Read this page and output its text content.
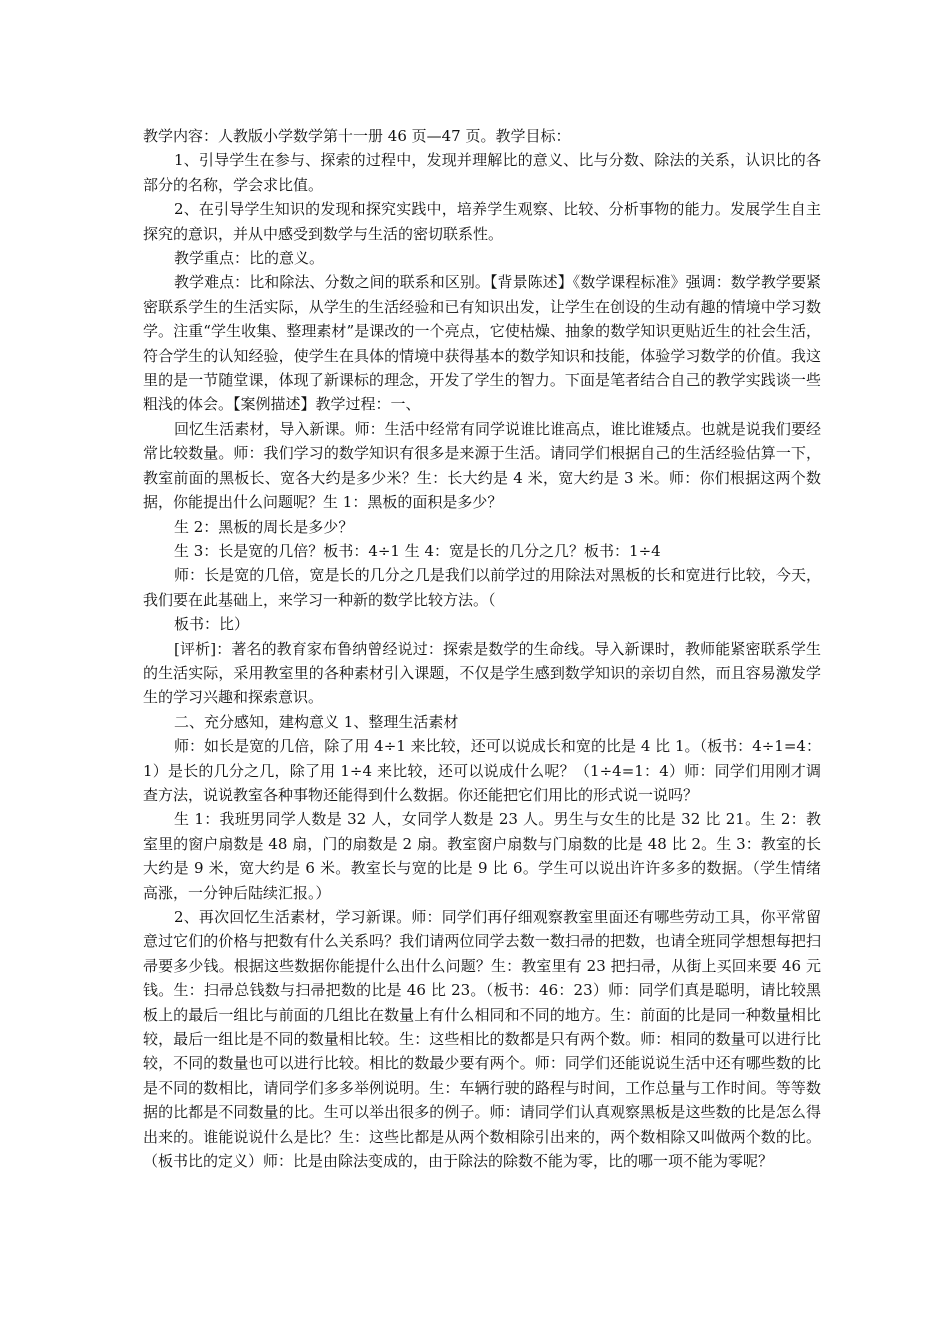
教学内容：人教版小学数学第十一册 46 页—47 页。教学目标：

1、引导学生在参与、探索的过程中，发现并理解比的意义、比与分数、除法的关系，认识比的各部分的名称，学会求比值。

2、在引导学生知识的发现和探究实践中，培养学生观察、比较、分析事物的能力。发展学生自主探究的意识，并从中感受到数学与生活的密切联系性。

教学重点：比的意义。

教学难点：比和除法、分数之间的联系和区别。【背景陈述】《数学课程标准》强调：数学教学要紧密联系学生的生活实际，从学生的生活经验和已有知识出发，让学生在创设的生动有趣的情境中学习数学。注重“学生收集、整理素材”是课改的一个亮点，它使枯燥、抽象的数学知识更贴近生的社会生活，符合学生的认知经验，使学生在具体的情境中获得基本的数学知识和技能，体验学习数学的价值。我这里的是一节随堂课，体现了新课标的理念，开发了学生的智力。下面是笔者结合自己的教学实践谈一些粗浅的体会。【案例描述】教学过程：一、

回忆生活素材，导入新课。师：生活中经常有同学说谁比谁高点，谁比谁矮点。也就是说我们要经常比较数量。师：我们学习的数学知识有很多是来源于生活。请同学们根据自己的生活经验估算一下，教室前面的黑板长、宽各大约是多少米？生：长大约是 4 米，宽大约是 3 米。师：你们根据这两个数据，你能提出什么问题呢？生 1：黑板的面积是多少？

生 2：黑板的周长是多少？

生 3：长是宽的几倍？板书：4÷1 生 4：宽是长的几分之几？板书：1÷4

师：长是宽的几倍，宽是长的几分之几是我们以前学过的用除法对黑板的长和宽进行比较，今天，我们要在此基础上，来学习一种新的数学比较方法。（

板书：比）

[评析]：著名的教育家布鲁纳曾经说过：探索是数学的生命线。导入新课时，教师能紧密联系学生的生活实际，采用教室里的各种素材引入课题，不仅是学生感到数学知识的亲切自然，而且容易激发学生的学习兴趣和探索意识。

二、充分感知，建构意义 1、整理生活素材

师：如长是宽的几倍，除了用 4÷1 来比较，还可以说成长和宽的比是 4 比 1。（板书：4÷1=4：1）是长的几分之几，除了用 1÷4 来比较，还可以说成什么呢？（1÷4=1：4）师：同学们用刚才调查方法，说说教室各种事物还能得到什么数据。你还能把它们用比的形式说一说吗？

生 1：我班男同学人数是 32 人，女同学人数是 23 人。男生与女生的比是 32 比 21。生 2：教室里的窗户扇数是 48 扇，门的扇数是 2 扇。教室窗户扇数与门扇数的比是 48 比 2。生 3：教室的长大约是 9 米，宽大约是 6 米。教室长与宽的比是 9 比 6。学生可以说出许许多多的数据。（学生情绪高涨，一分钟后陆续汇报。）

2、再次回忆生活素材，学习新课。师：同学们再仔细观察教室里面还有哪些劳动工具，你平常留意过它们的价格与把数有什么关系吗？我们请两位同学去数一数扫帚的把数，也请全班同学想想每把扫帚要多少钱。根据这些数据你能提什么出什么问题？生：教室里有 23 把扫帚，从街上买回来要 46 元钱。生：扫帚总钱数与扫帚把数的比是 46 比 23。（板书：46：23）师：同学们真是聪明，请比较黑板上的最后一组比与前面的几组比在数量上有什么相同和不同的地方。生：前面的比是同一种数量相比较，最后一组比是不同的数量相比较。生：这些相比的数都是只有两个数。师：相同的数量可以进行比较，不同的数量也可以进行比较。相比的数最少要有两个。师：同学们还能说说生活中还有哪些数的比是不同的数相比，请同学们多多举例说明。生：车辆行驶的路程与时间，工作总量与工作时间。等等数据的比都是不同数量的比。生可以举出很多的例子。师：请同学们认真观察黑板是这些数的比是怎么得出来的。谁能说说什么是比？生：这些比都是从两个数相除引出来的，两个数相除又叫做两个数的比。（板书比的定义）师：比是由除法变成的，由于除法的除数不能为零，比的哪一项不能为零呢？
